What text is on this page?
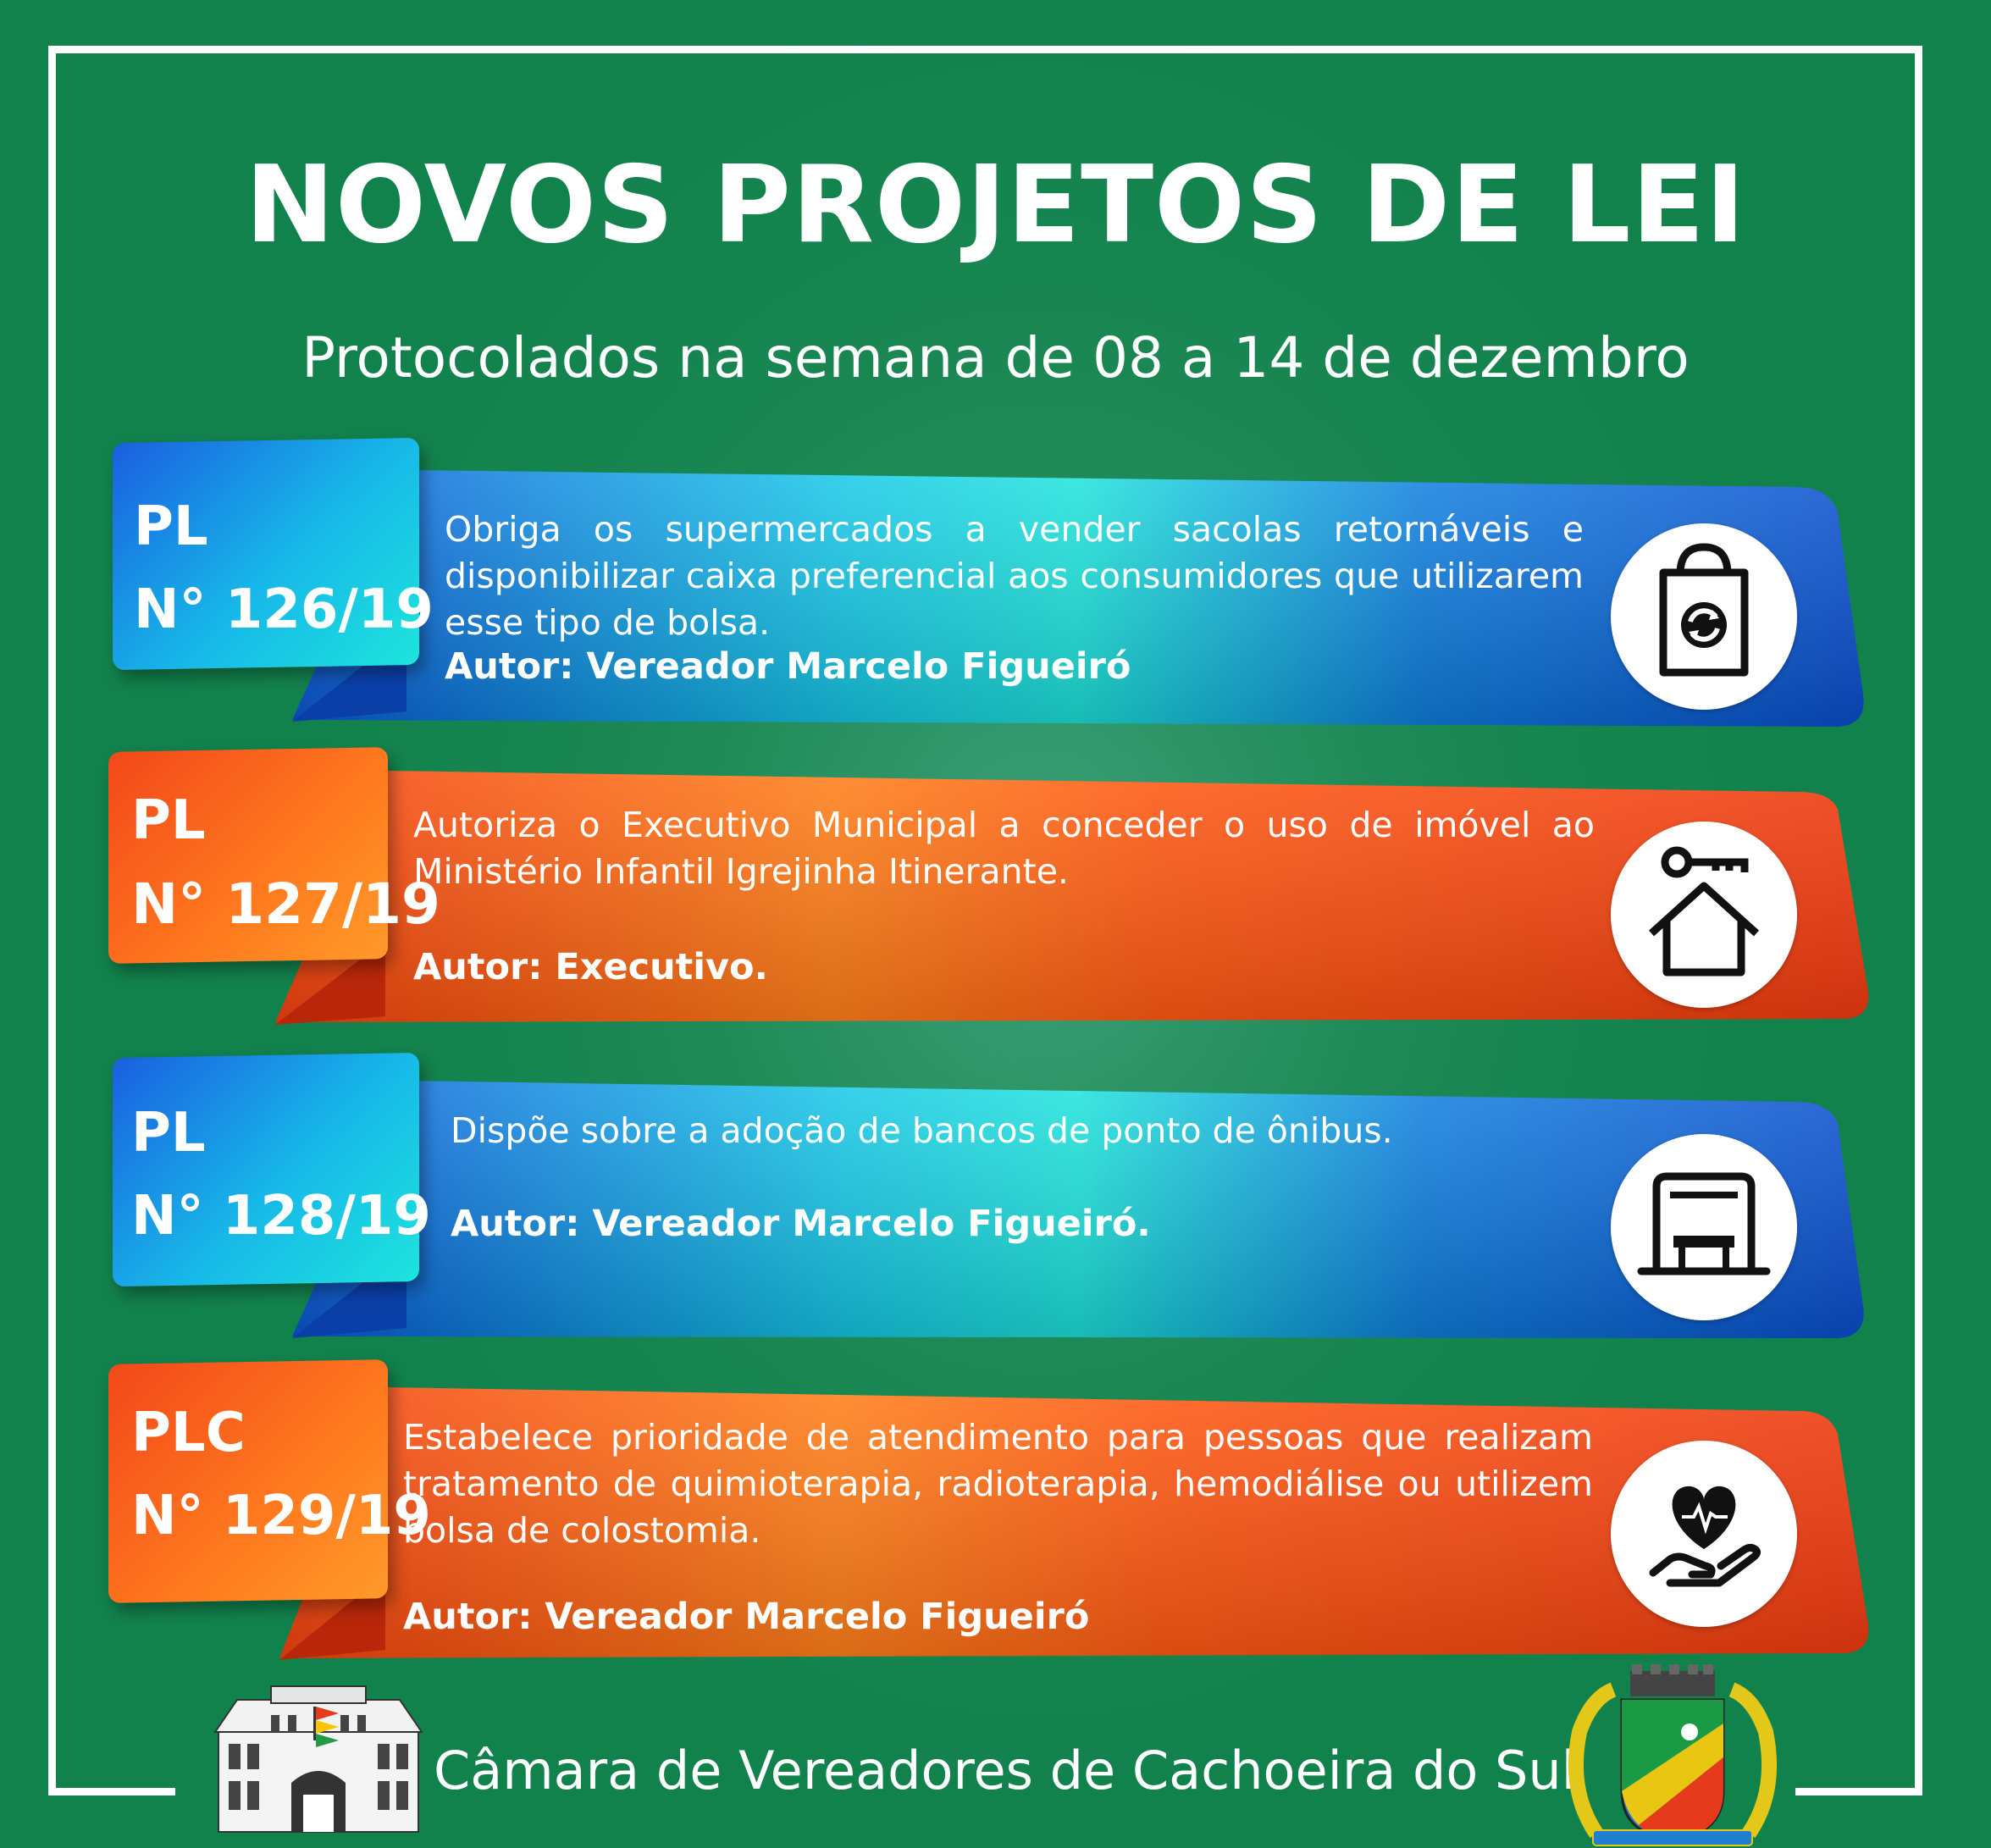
NOVOS PROJETOS DE LEI
Protocolados na semana de 08 a 14 de dezembro
PL
N° 126/19
Obriga os supermercados a vender sacolas retornáveis e disponibilizar caixa preferencial aos consumidores que utilizarem esse tipo de bolsa.
Autor: Vereador Marcelo Figueiró
PL
N° 127/19
Autoriza o Executivo Municipal a conceder o uso de imóvel ao Ministério Infantil Igrejinha Itinerante.
Autor: Executivo.
PL
N° 128/19
Dispõe sobre a adoção de bancos de ponto de ônibus.
Autor: Vereador Marcelo Figueiró.
PLC
N° 129/19
Estabelece prioridade de atendimento para pessoas que realizam tratamento de quimioterapia, radioterapia, hemodiálise ou utilizem bolsa de colostomia.
Autor: Vereador Marcelo Figueiró
Câmara de Vereadores de Cachoeira do Sul
